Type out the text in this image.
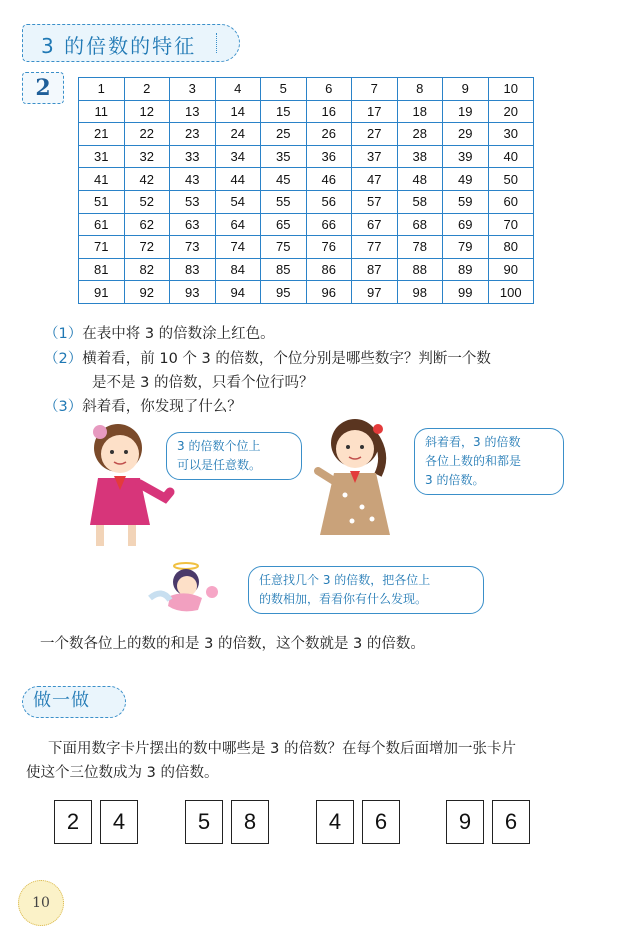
3 的倍数的特征
2	1	2	3	4	5	6	7	8	9	10
11	12	13	14	15	16	17	18	19	20
21	22	23	24	25	26	27	28	29	30
31	32	33	34	35	36	37	38	39	40
41	42	43	44	45	46	47	48	49	50
51	52	53	54	55	56	57	58	59	60
61	62	63	64	65	66	67	68	69	70
71	72	73	74	75	76	77	78	79	80
81	82	83	84	85	86	87	88	89	90
91	92	93	94	95	96	97	98	99	100
（1）在表中将 3 的倍数涂上红色。
（2）横着看，前 10 个 3 的倍数，个位分别是哪些数字？判断一个数
是不是 3 的倍数，只看个位行吗？
（3）斜着看，你发现了什么？
3 的倍数个位上
可以是任意数。
斜着看，3 的倍数
各位上数的和都是
3 的倍数。
任意找几个 3 的倍数，把各位上
的数相加，看看你有什么发现。
一个数各位上的数的和是 3 的倍数，这个数就是 3 的倍数。
做一做
下面用数字卡片摆出的数中哪些是 3 的倍数？在每个数后面增加一张卡片
使这个三位数成为 3 的倍数。
2	4	5	8	4	6	9	6
10
